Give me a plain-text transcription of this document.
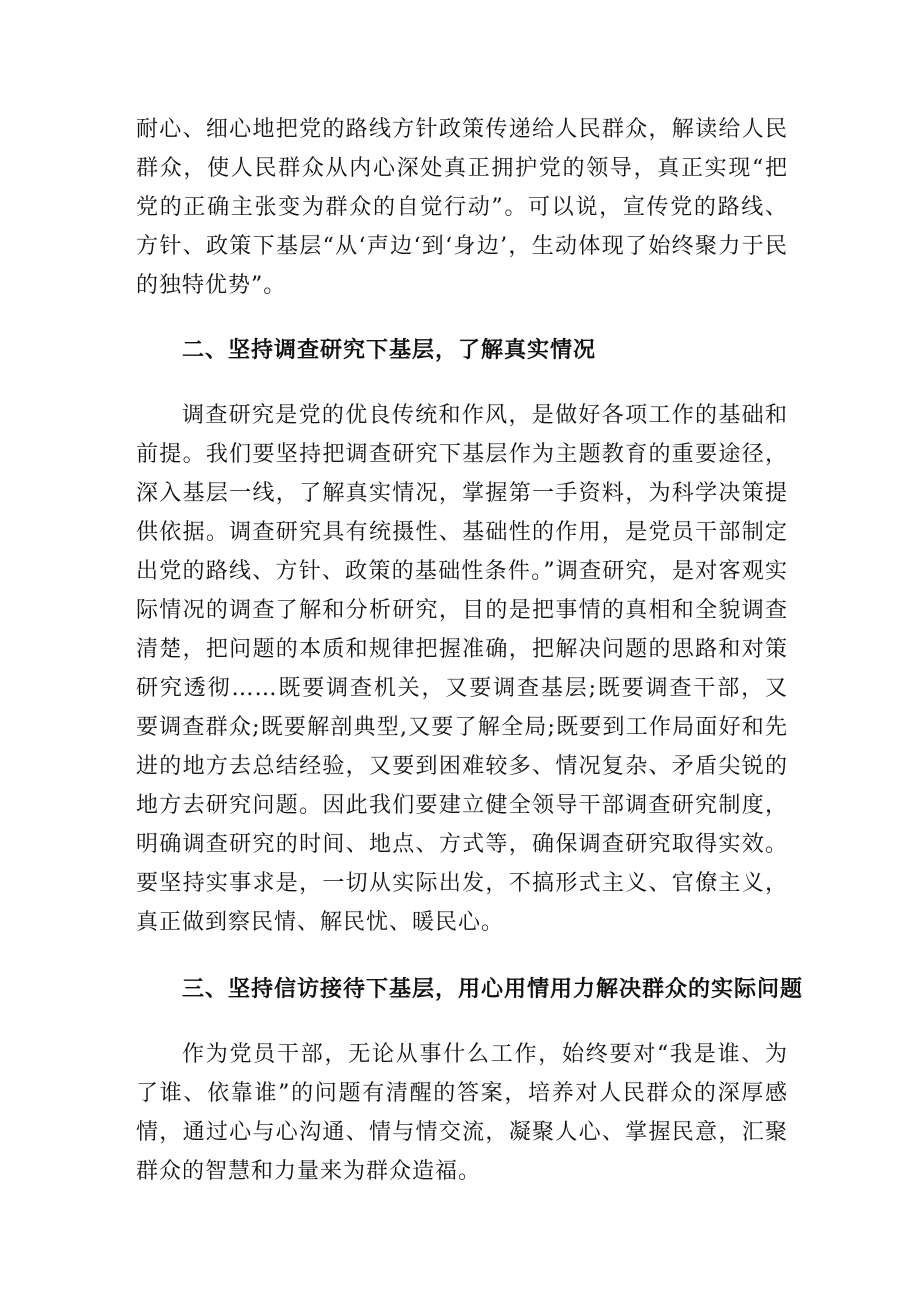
耐心、细心地把党的路线方针政策传递给人民群众，解读给人民群众，使人民群众从内心深处真正拥护党的领导，真正实现“把党的正确主张变为群众的自觉行动”。可以说，宣传党的路线、方针、政策下基层“从‘声边‘到‘身边’，生动体现了始终聚力于民的独特优势”。

二、坚持调查研究下基层，了解真实情况

调查研究是党的优良传统和作风，是做好各项工作的基础和前提。我们要坚持把调查研究下基层作为主题教育的重要途径，深入基层一线，了解真实情况，掌握第一手资料，为科学决策提供依据。调查研究具有统摄性、基础性的作用，是党员干部制定出党的路线、方针、政策的基础性条件。”调查研究，是对客观实际情况的调查了解和分析研究，目的是把事情的真相和全貌调查清楚，把问题的本质和规律把握准确，把解决问题的思路和对策研究透彻……既要调查机关，又要调查基层;既要调查干部，又要调查群众;既要解剖典型,又要了解全局;既要到工作局面好和先进的地方去总结经验，又要到困难较多、情况复杂、矛盾尖锐的地方去研究问题。因此我们要建立健全领导干部调查研究制度，明确调查研究的时间、地点、方式等，确保调查研究取得实效。要坚持实事求是，一切从实际出发，不搞形式主义、官僚主义，真正做到察民情、解民忧、暖民心。

三、坚持信访接待下基层，用心用情用力解决群众的实际问题

作为党员干部，无论从事什么工作，始终要对“我是谁、为了谁、依靠谁”的问题有清醒的答案，培养对人民群众的深厚感情，通过心与心沟通、情与情交流，凝聚人心、掌握民意，汇聚群众的智慧和力量来为群众造福。
